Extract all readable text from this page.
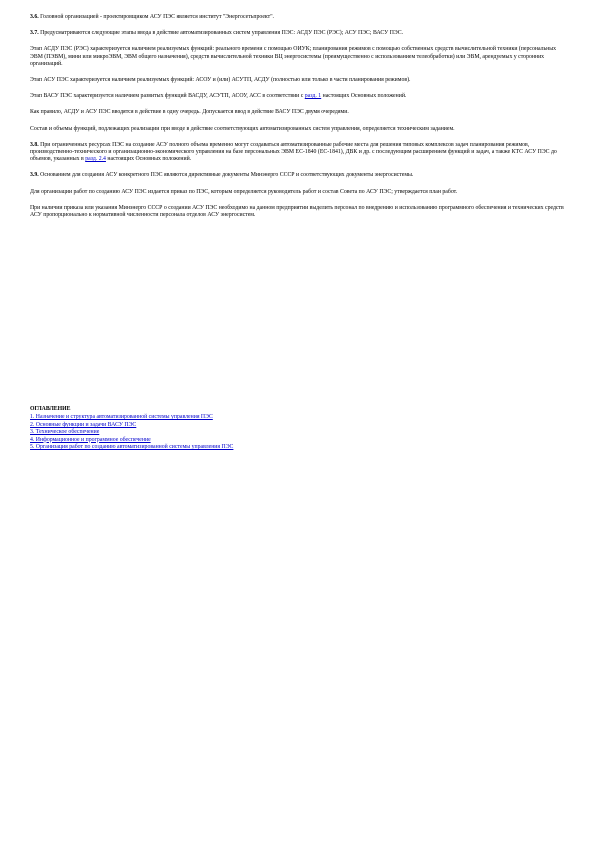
3.6. Головной организацией - проектировщиком АСУ ПЭС является институт "Энергосетьпроект".

3.7. Предусматриваются следующие этапы ввода в действие автоматизированных систем управления ПЭС: АСДУ ПЭС (РЭС); АСУ ПЭС; ВАСУ ПЭС.

Этап АСДУ ПЭС (РЭС) характеризуется наличием реализуемых функций: реального времени с помощью ОИУК; планирования режимов с помощью собственных средств вычислительной техники (персональных ЭВМ (ПЭВМ), мини или микроЭВМ, ЭВМ общего назначения), средств вычислительной техники ВЦ энергосистемы (преимущественно с использованием телеобработки) или ЭВМ, арендуемых у сторонних организаций.

Этап АСУ ПЭС характеризуется наличием реализуемых функций: АСОУ и (или) АСУТП, АСДУ (полностью или только в части планирования режимов).

Этап ВАСУ ПЭС характеризуется наличием развитых функций ВАСДУ, АСУТП, АСОУ, АСС в соответствии с разд. 1 настоящих Основных положений.

Как правило, АСДУ и АСУ ПЭС вводятся в действие в одну очередь. Допускается ввод в действие ВАСУ ПЭС двумя очередями.

Состав и объемы функций, подлежащих реализации при вводе в действие соответствующих автоматизированных систем управления, определяется техническим заданием.

3.8. При ограниченных ресурсах ПЭС на создание АСУ полного объема временно могут создаваться автоматизированные рабочие места для решения типовых комплексов задач планирования режимов, производственно-технического и организационно-экономического управления на базе персональных ЭВМ ЕС-1840 (ЕС-1841), ДВК и др. с последующим расширением функций и задач, а также КТС АСУ ПЭС до объемов, указанных в разд. 2.4 настоящих Основных положений.

3.9. Основанием для создания АСУ конкретного ПЭС являются директивные документы Минэнерго СССР и соответствующих документы энергосистемы.

Для организации работ по созданию АСУ ПЭС издается приказ по ПЭС, которым определяется руководитель работ и состав Совета по АСУ ПЭС; утверждается план работ.

При наличии приказа или указания Минэнерго СССР о создании АСУ ПЭС необходимо на данном предприятии выделить персонал по внедрению и использованию программного обеспечения и технических средств АСУ пропорционально к нормативной численности персонала отделов АСУ энергосистем.

ОГЛАВЛЕНИЕ
1. Назначение и структура автоматизированной системы управления ПЭС
2. Основные функции и задачи ВАСУ ПЭС
3. Техническое обеспечение
4. Информационное и программное обеспечение
5. Организация работ по созданию автоматизированной системы управления ПЭС
